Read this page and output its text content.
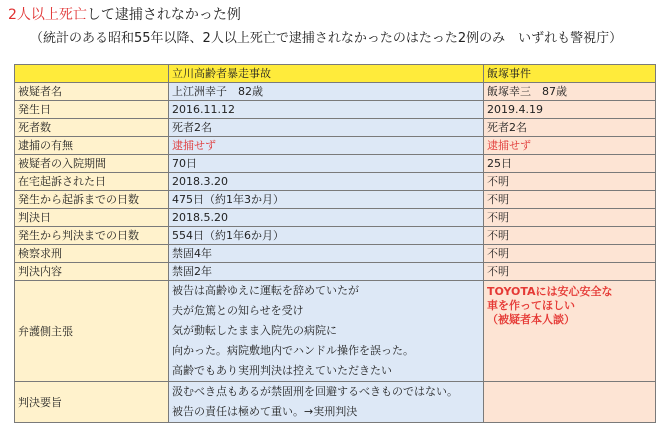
2人以上死亡して逮捕されなかった例
（統計のある昭和55年以降、2人以上死亡で逮捕されなかったのはたった2例のみ　いずれも警視庁）
	立川高齢者暴走事故	飯塚事件
被疑者名	上江洲幸子　82歳	飯塚幸三　87歳
発生日	2016.11.12	2019.4.19
死者数	死者2名	死者2名
逮捕の有無	逮捕せず	逮捕せず
被疑者の入院期間	70日	25日
在宅起訴された日	2018.3.20	不明
発生から起訴までの日数	475日（約1年3か月）	不明
判決日	2018.5.20	不明
発生から判決までの日数	554日（約1年6か月）	不明
検察求刑	禁固4年	不明
判決内容	禁固2年	不明
弁護側主張	被告は高齢ゆえに運転を辞めていたが
夫が危篤との知らせを受け
気が動転したまま入院先の病院に
向かった。病院敷地内でハンドル操作を誤った。
高齢でもあり実刑判決は控えていただきたい	TOYOTAには安心安全な
車を作ってほしい
（被疑者本人談）

判決要旨	汲むべき点もあるが禁固刑を回避するべきものではない。
被告の責任は極めて重い。→実刑判決	
